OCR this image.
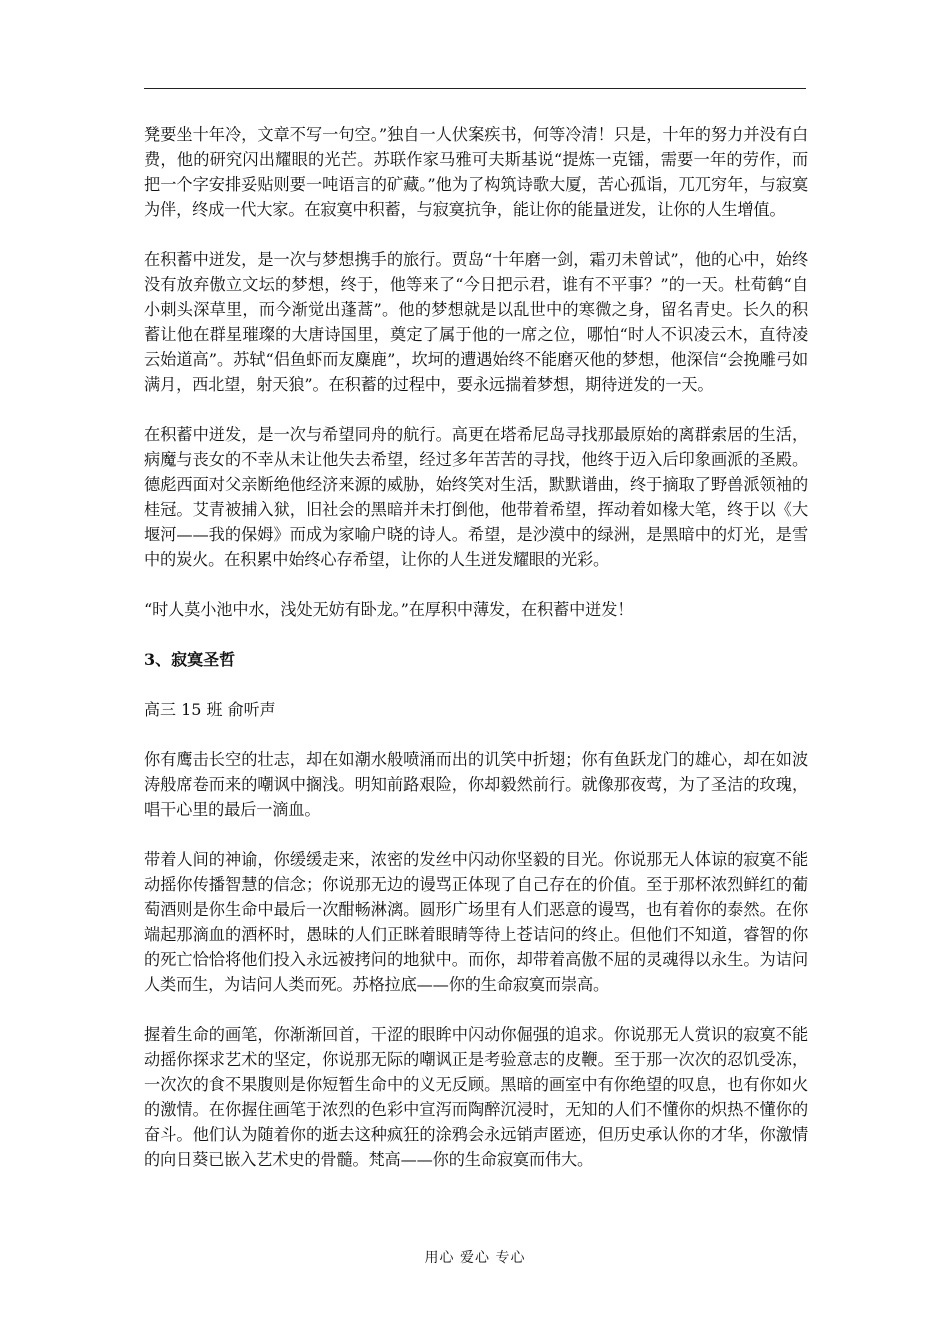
凳要坐十年冷，文章不写一句空。”独自一人伏案疾书，何等冷清！只是，十年的努力并没有白费，他的研究闪出耀眼的光芒。苏联作家马雅可夫斯基说“提炼一克镭，需要一年的劳作，而把一个字安排妥贴则要一吨语言的矿藏。”他为了构筑诗歌大厦，苦心孤诣，兀兀穷年，与寂寞为伴，终成一代大家。在寂寞中积蓄，与寂寞抗争，能让你的能量迸发，让你的人生增值。

在积蓄中迸发，是一次与梦想携手的旅行。贾岛“十年磨一剑，霜刃未曾试”，他的心中，始终没有放弃傲立文坛的梦想，终于，他等来了“今日把示君，谁有不平事？”的一天。杜荀鹤“自小刺头深草里，而今渐觉出蓬蒿”。他的梦想就是以乱世中的寒微之身，留名青史。长久的积蓄让他在群星璀璨的大唐诗国里，奠定了属于他的一席之位，哪怕“时人不识凌云木，直待凌云始道高”。苏轼“侣鱼虾而友麋鹿”，坎坷的遭遇始终不能磨灭他的梦想，他深信“会挽雕弓如满月，西北望，射天狼”。在积蓄的过程中，要永远揣着梦想，期待迸发的一天。

在积蓄中迸发，是一次与希望同舟的航行。高更在塔希尼岛寻找那最原始的离群索居的生活，病魔与丧女的不幸从未让他失去希望，经过多年苦苦的寻找，他终于迈入后印象画派的圣殿。德彪西面对父亲断绝他经济来源的威胁，始终笑对生活，默默谱曲，终于摘取了野兽派领袖的桂冠。艾青被捕入狱，旧社会的黑暗并未打倒他，他带着希望，挥动着如椽大笔，终于以《大堰河——我的保姆》而成为家喻户晓的诗人。希望，是沙漠中的绿洲，是黑暗中的灯光，是雪中的炭火。在积累中始终心存希望，让你的人生迸发耀眼的光彩。

“时人莫小池中水，浅处无妨有卧龙。”在厚积中薄发，在积蓄中迸发！

3、寂寞圣哲

高三 15 班 俞听声

你有鹰击长空的壮志，却在如潮水般喷涌而出的讥笑中折翅；你有鱼跃龙门的雄心，却在如波涛般席卷而来的嘲讽中搁浅。明知前路艰险，你却毅然前行。就像那夜莺，为了圣洁的玫瑰，唱干心里的最后一滴血。

带着人间的神谕，你缓缓走来，浓密的发丝中闪动你坚毅的目光。你说那无人体谅的寂寞不能动摇你传播智慧的信念；你说那无边的谩骂正体现了自己存在的价值。至于那杯浓烈鲜红的葡萄酒则是你生命中最后一次酣畅淋漓。圆形广场里有人们恶意的谩骂，也有着你的泰然。在你端起那滴血的酒杯时，愚昧的人们正眯着眼睛等待上苍诘问的终止。但他们不知道，睿智的你的死亡恰恰将他们投入永远被拷问的地狱中。而你，却带着高傲不屈的灵魂得以永生。为诘问人类而生，为诘问人类而死。苏格拉底——你的生命寂寞而崇高。

握着生命的画笔，你渐渐回首，干涩的眼眸中闪动你倔强的追求。你说那无人赏识的寂寞不能动摇你探求艺术的坚定，你说那无际的嘲讽正是考验意志的皮鞭。至于那一次次的忍饥受冻，一次次的食不果腹则是你短暂生命中的义无反顾。黑暗的画室中有你绝望的叹息，也有你如火的激情。在你握住画笔于浓烈的色彩中宣泻而陶醉沉浸时，无知的人们不懂你的炽热不懂你的奋斗。他们认为随着你的逝去这种疯狂的涂鸦会永远销声匿迹，但历史承认你的才华，你激情的向日葵已嵌入艺术史的骨髓。梵高——你的生命寂寞而伟大。

用心 爱心 专心
